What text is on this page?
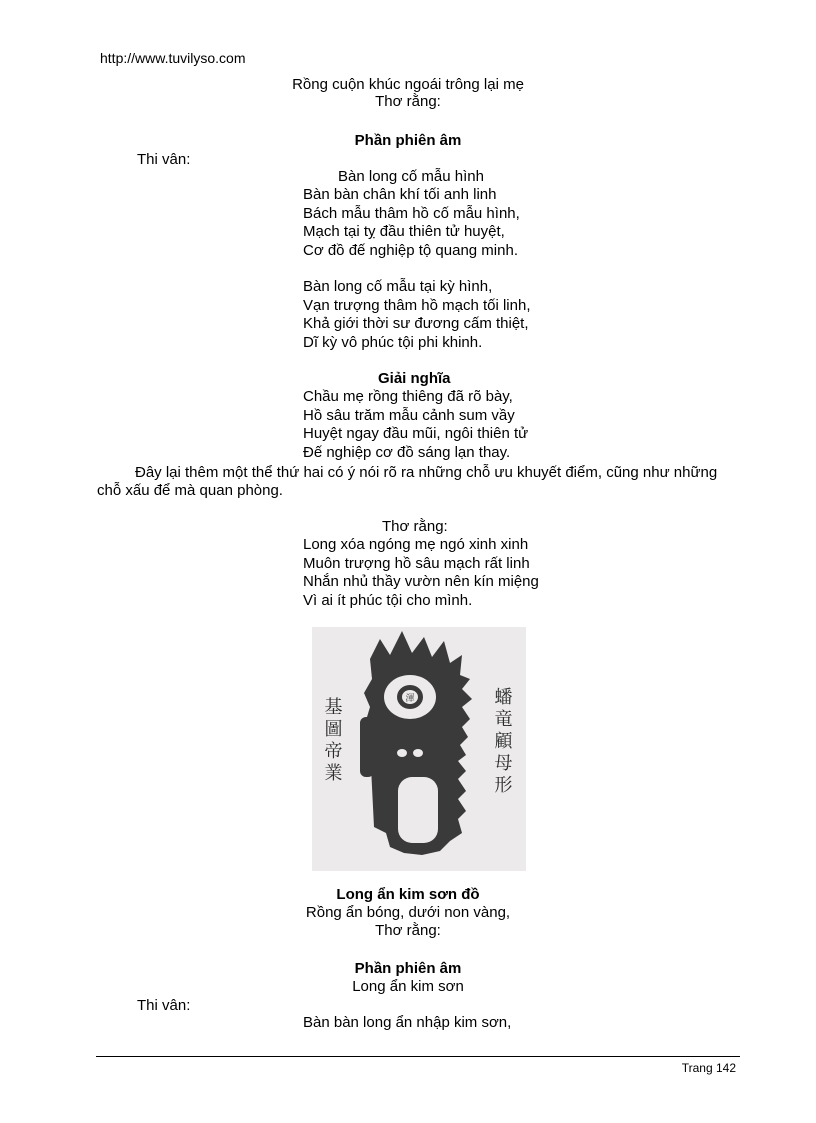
http://www.tuvilyso.com
Rồng cuộn khúc ngoái trông lại mẹ
Thơ rằng:
Phần phiên âm
Thi vân:
Bàn long cố mẫu hình
Bàn bàn chân khí tối anh linh
Bách mẫu thâm hồ cố mẫu hình,
Mạch tại tỵ đầu thiên tử huyệt,
Cơ đồ đế nghiệp tộ quang minh.
Bàn long cố mẫu tại kỳ hình,
Vạn trượng thâm hồ mạch tối linh,
Khả giới thời sư đương cấm thiệt,
Dĩ kỳ vô phúc tội phi khinh.
Giải nghĩa
Chầu mẹ rồng thiêng đã rõ bày,
Hồ sâu trăm mẫu cảnh sum vầy
Huyệt ngay đầu mũi, ngôi thiên tử
Đế nghiệp cơ đồ sáng lạn thay.
Đây lại thêm một thể thứ hai có ý nói rõ ra những chỗ ưu khuyết điểm, cũng như những chỗ xấu để mà quan phòng.
Thơ rằng:
Long xóa ngóng mẹ ngó xinh xinh
Muôn trượng hồ sâu mạch rất linh
Nhắn nhủ thầy vườn nên kín miệng
Vì ai ít phúc tội cho mình.
渾
基圖帝業	蟠竜顧母形
Long ẩn kim sơn đồ
Rồng ẩn bóng, dưới non vàng,
Thơ rằng:
Phần phiên âm
Long ẩn kim sơn
Thi vân:
Bàn bàn long ẩn nhập kim sơn,
Trang 142
